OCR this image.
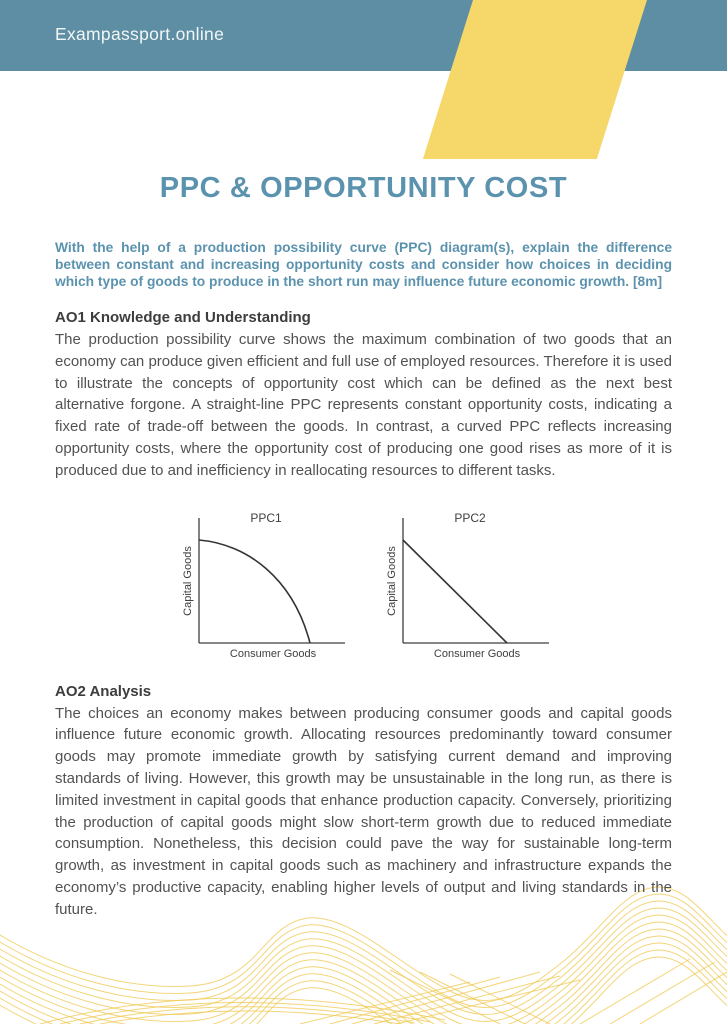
Exampassport.online
PPC & OPPORTUNITY COST

With the help of a production possibility curve (PPC) diagram(s), explain the difference between constant and increasing opportunity costs and consider how choices in deciding which type of goods to produce in the short run may influence future economic growth. [8m]

AO1 Knowledge and Understanding

The production possibility curve shows the maximum combination of two goods that an economy can produce given efficient and full use of employed resources. Therefore it is used to illustrate the concepts of opportunity cost which can be defined as the next best alternative forgone. A straight-line PPC represents constant opportunity costs, indicating a fixed rate of trade-off between the goods. In contrast, a curved PPC reflects increasing opportunity costs, where the opportunity cost of producing one good rises as more of it is produced due to and inefficiency in reallocating resources to different tasks.

PPC1
Capital Goods
Consumer Goods
PPC2
Capital Goods
Consumer Goods
AO2 Analysis

The choices an economy makes between producing consumer goods and capital goods influence future economic growth. Allocating resources predominantly toward consumer goods may promote immediate growth by satisfying current demand and improving standards of living. However, this growth may be unsustainable in the long run, as there is limited investment in capital goods that enhance production capacity. Conversely, prioritizing the production of capital goods might slow short-term growth due to reduced immediate consumption. Nonetheless, this decision could pave the way for sustainable long-term growth, as investment in capital goods such as machinery and infrastructure expands the economy’s productive capacity, enabling higher levels of output and living standards in the future.
